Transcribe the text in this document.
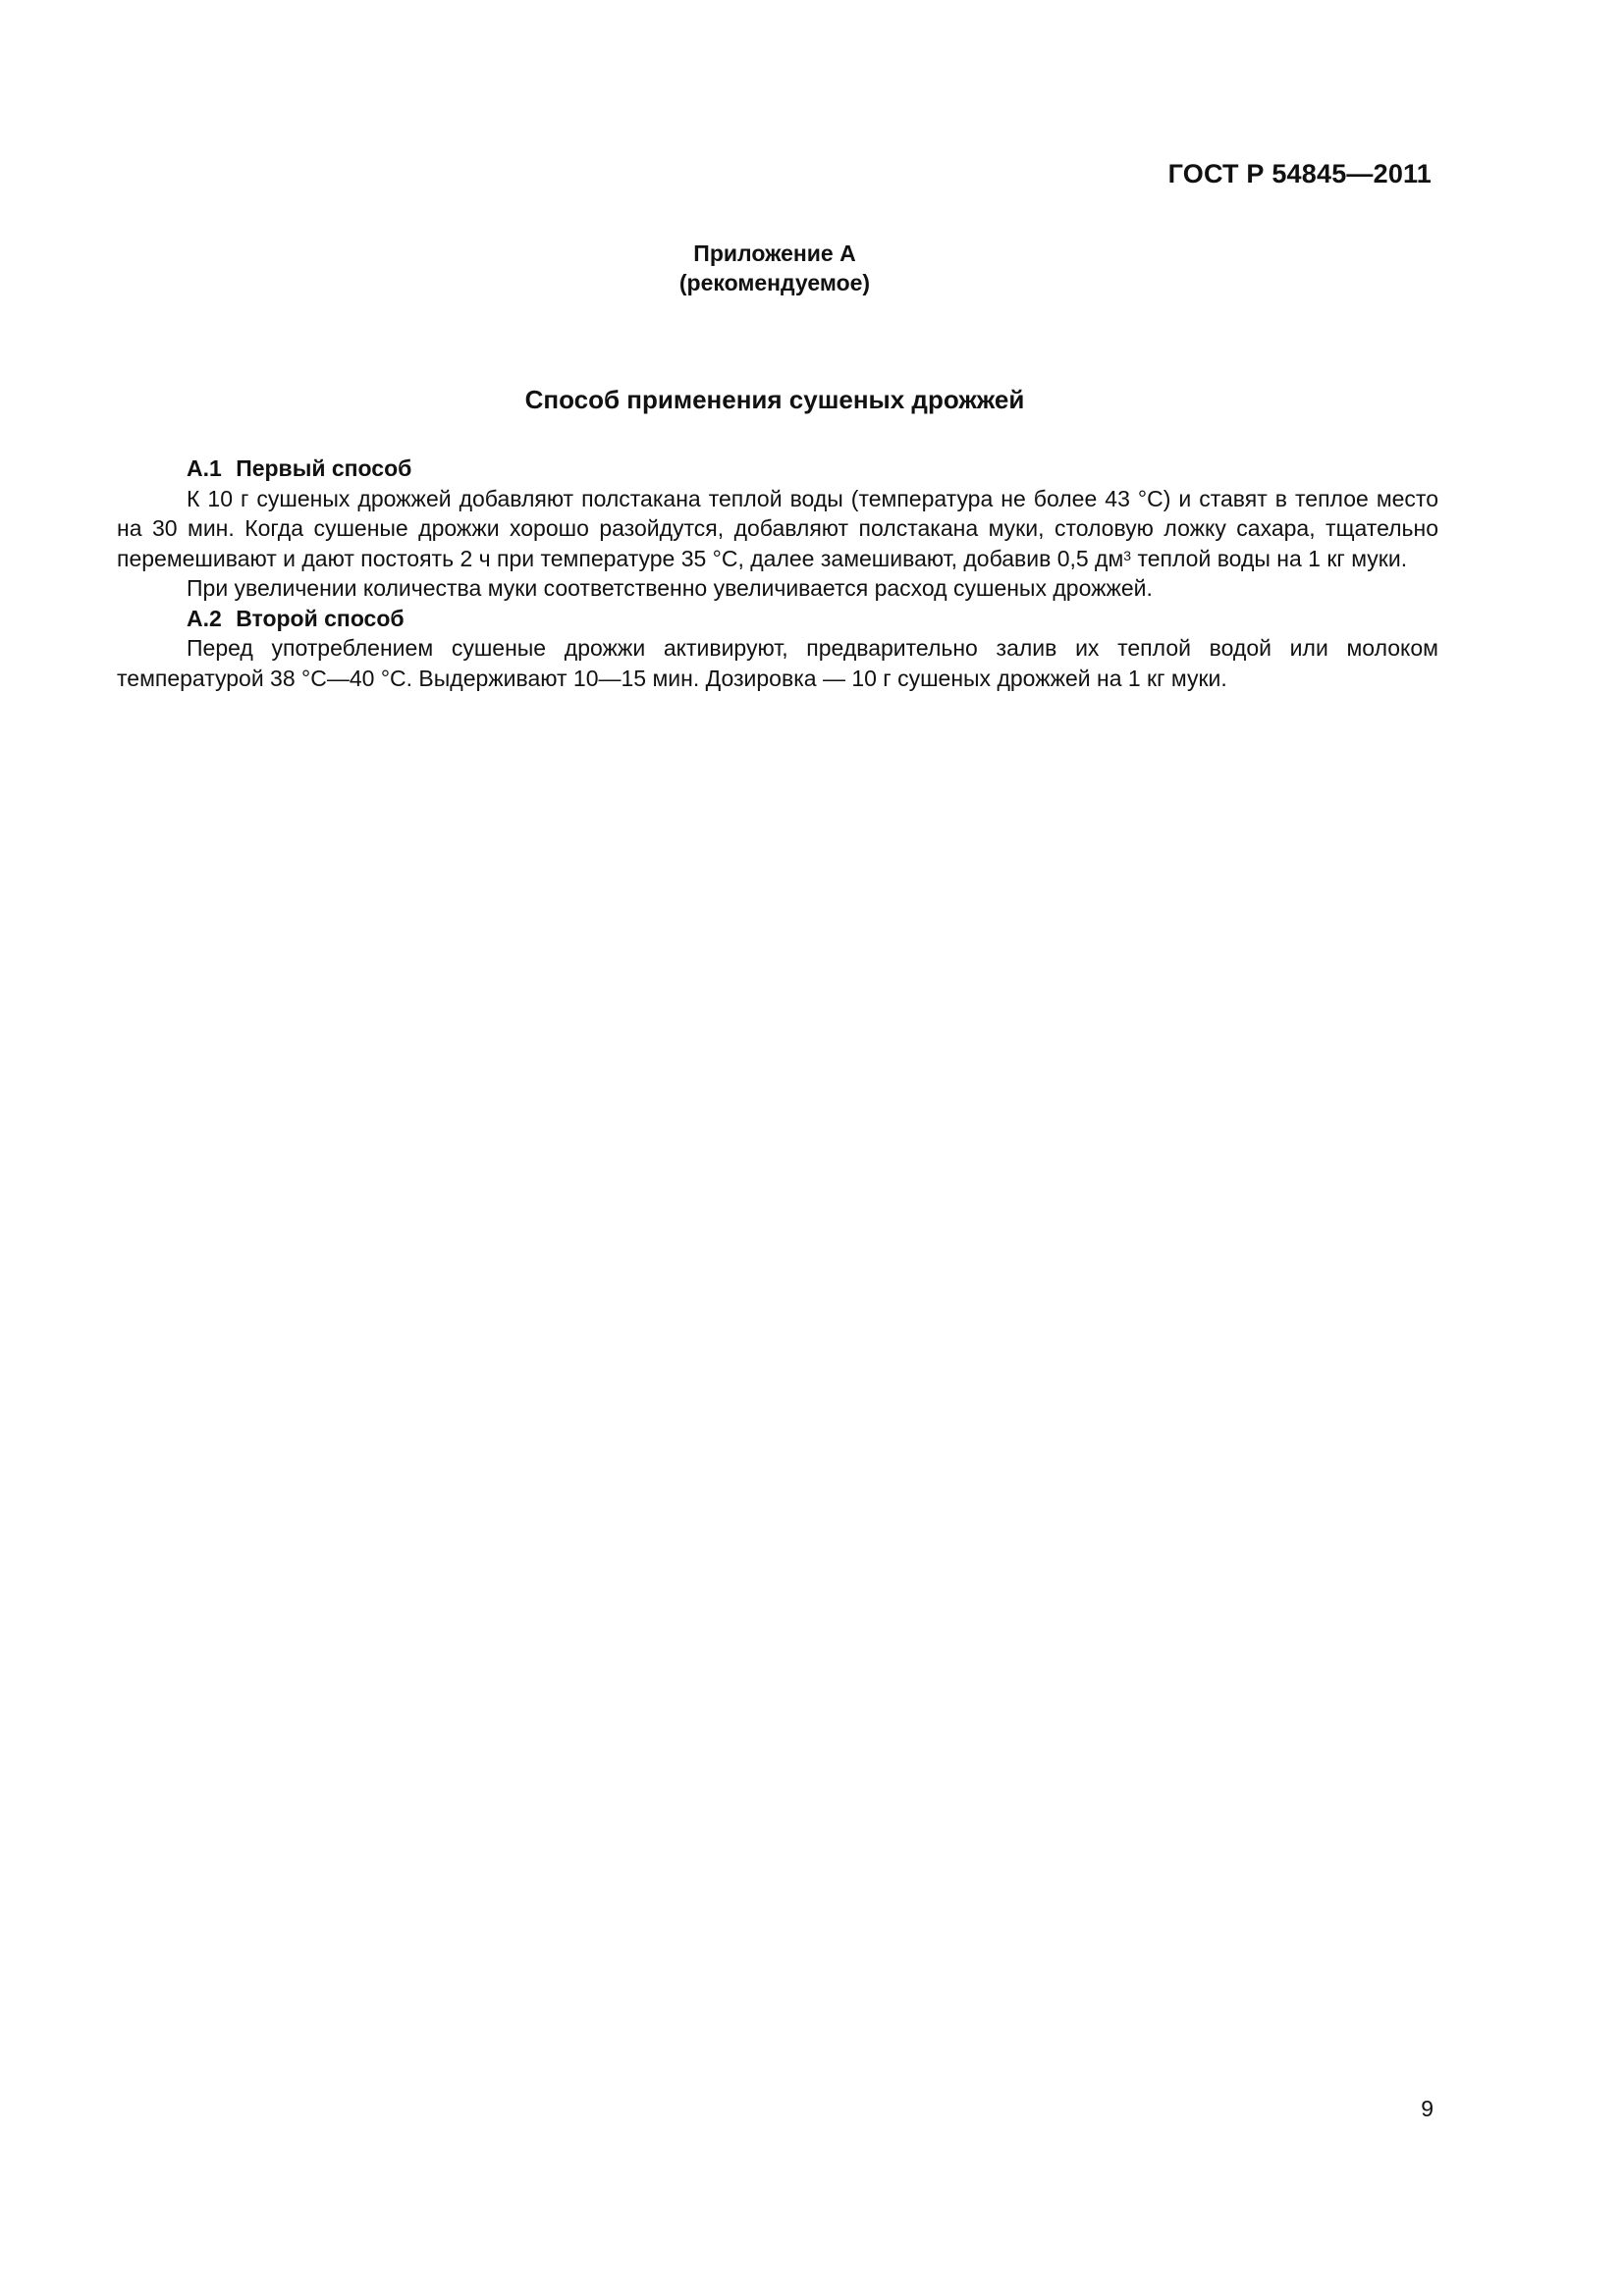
ГОСТ Р 54845—2011
Приложение А
(рекомендуемое)
Способ применения сушеных дрожжей

А.1 Первый способ

К 10 г сушеных дрожжей добавляют полстакана теплой воды (температура не более 43 °С) и ставят в теплое место на 30 мин. Когда сушеные дрожжи хорошо разойдутся, добавляют полстакана муки, столовую ложку сахара, тщательно перемешивают и дают постоять 2 ч при температуре 35 °С, далее замешивают, добавив 0,5 $дм^3$ теплой воды на 1 кг муки.

При увеличении количества муки соответственно увеличивается расход сушеных дрожжей.

А.2 Второй способ

Перед употреблением сушеные дрожжи активируют, предварительно залив их теплой водой или молоком температурой 38 °С—40 °С. Выдерживают 10—15 мин. Дозировка — 10 г сушеных дрожжей на 1 кг муки.

9
